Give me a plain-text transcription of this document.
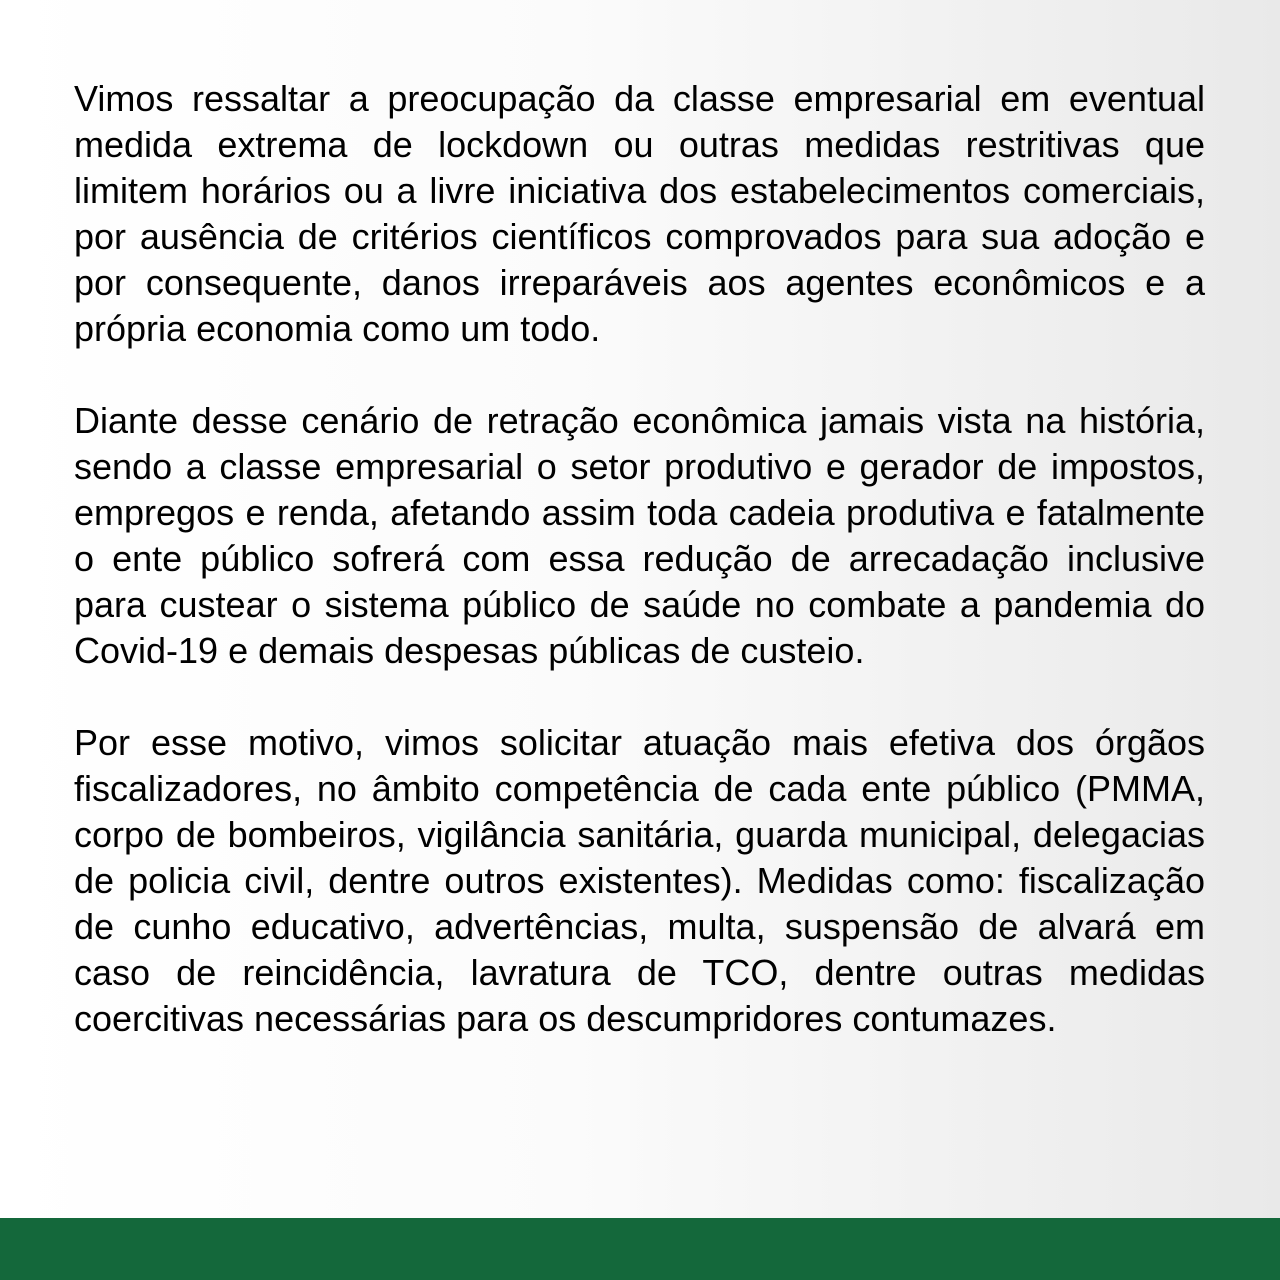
Vimos ressaltar a preocupação da classe empresarial em eventual medida extrema de lockdown ou outras medidas restritivas que limitem horários ou a livre iniciativa dos estabelecimentos comerciais, por ausência de critérios científicos comprovados para sua adoção e por consequente, danos irreparáveis aos agentes econômicos e a própria economia como um todo.

Diante desse cenário de retração econômica jamais vista na história, sendo a classe empresarial o setor produtivo e gerador de impostos, empregos e renda, afetando assim toda cadeia produtiva e fatalmente o ente público sofrerá com essa redução de arrecadação inclusive para custear o sistema público de saúde no combate a pandemia do Covid-19 e demais despesas públicas de custeio.

Por esse motivo, vimos solicitar atuação mais efetiva dos órgãos fiscalizadores, no âmbito competência de cada ente público (PMMA, corpo de bombeiros, vigilância sanitária, guarda municipal, delegacias de policia civil, dentre outros existentes). Medidas como: fiscalização de cunho educativo, advertências, multa, suspensão de alvará em caso de reincidência, lavratura de TCO, dentre outras medidas coercitivas necessárias para os descumpridores contumazes.
